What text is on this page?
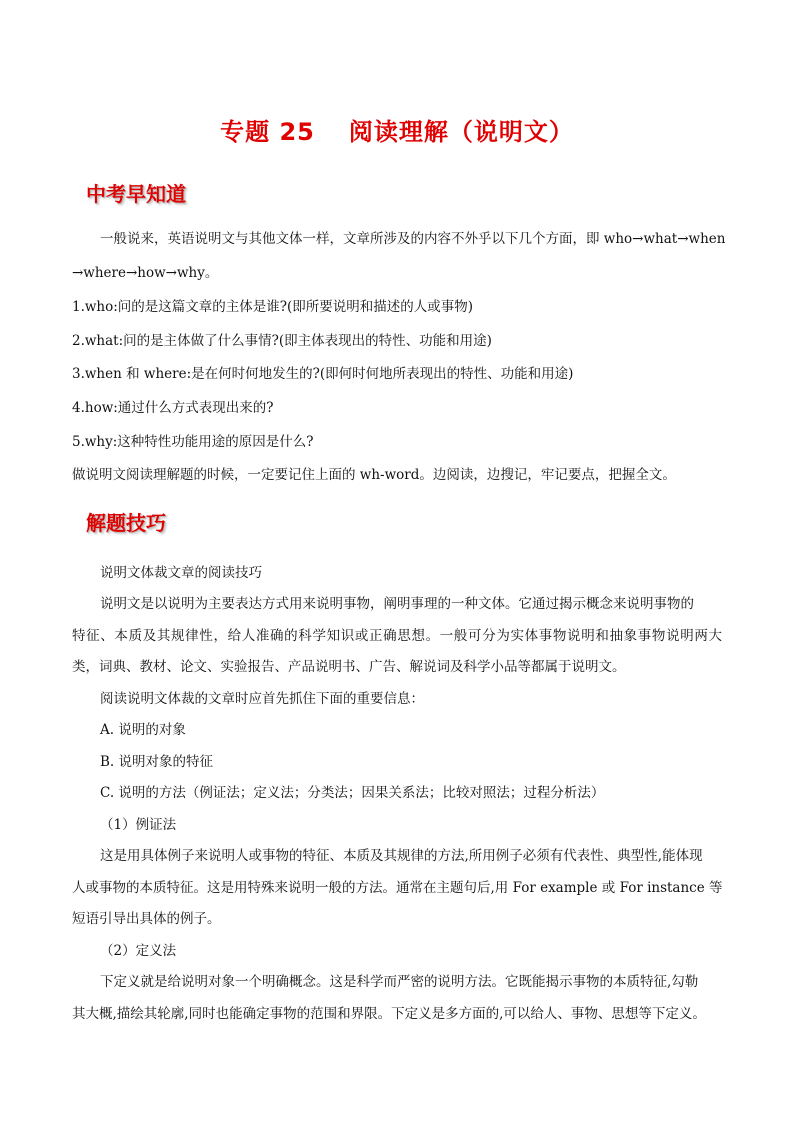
专题 25 阅读理解（说明文）
中考早知道
一般说来，英语说明文与其他文体一样，文章所涉及的内容不外乎以下几个方面，即 who→what→when
→where→how→why。
1.who:问的是这篇文章的主体是谁?(即所要说明和描述的人或事物)
2.what:问的是主体做了什么事情?(即主体表现出的特性、功能和用途)
3.when 和 where:是在何时何地发生的?(即何时何地所表现出的特性、功能和用途)
4.how:通过什么方式表现出来的?
5.why:这种特性功能用途的原因是什么?
做说明文阅读理解题的时候，一定要记住上面的 wh-word。边阅读，边搜记，牢记要点，把握全文。
解题技巧
说明文体裁文章的阅读技巧
说明文是以说明为主要表达方式用来说明事物，阐明事理的一种文体。它通过揭示概念来说明事物的
特征、本质及其规律性，给人准确的科学知识或正确思想。一般可分为实体事物说明和抽象事物说明两大
类，词典、教材、论文、实验报告、产品说明书、广告、解说词及科学小品等都属于说明文。
阅读说明文体裁的文章时应首先抓住下面的重要信息：
A. 说明的对象
B. 说明对象的特征
C. 说明的方法（例证法；定义法；分类法；因果关系法；比较对照法；过程分析法）
（1）例证法
这是用具体例子来说明人或事物的特征、本质及其规律的方法,所用例子必须有代表性、典型性,能体现
人或事物的本质特征。这是用特殊来说明一般的方法。通常在主题句后,用 For example 或 For instance 等
短语引导出具体的例子。
（2）定义法
下定义就是给说明对象一个明确概念。这是科学而严密的说明方法。它既能揭示事物的本质特征,勾勒
其大概,描绘其轮廓,同时也能确定事物的范围和界限。下定义是多方面的,可以给人、事物、思想等下定义。
